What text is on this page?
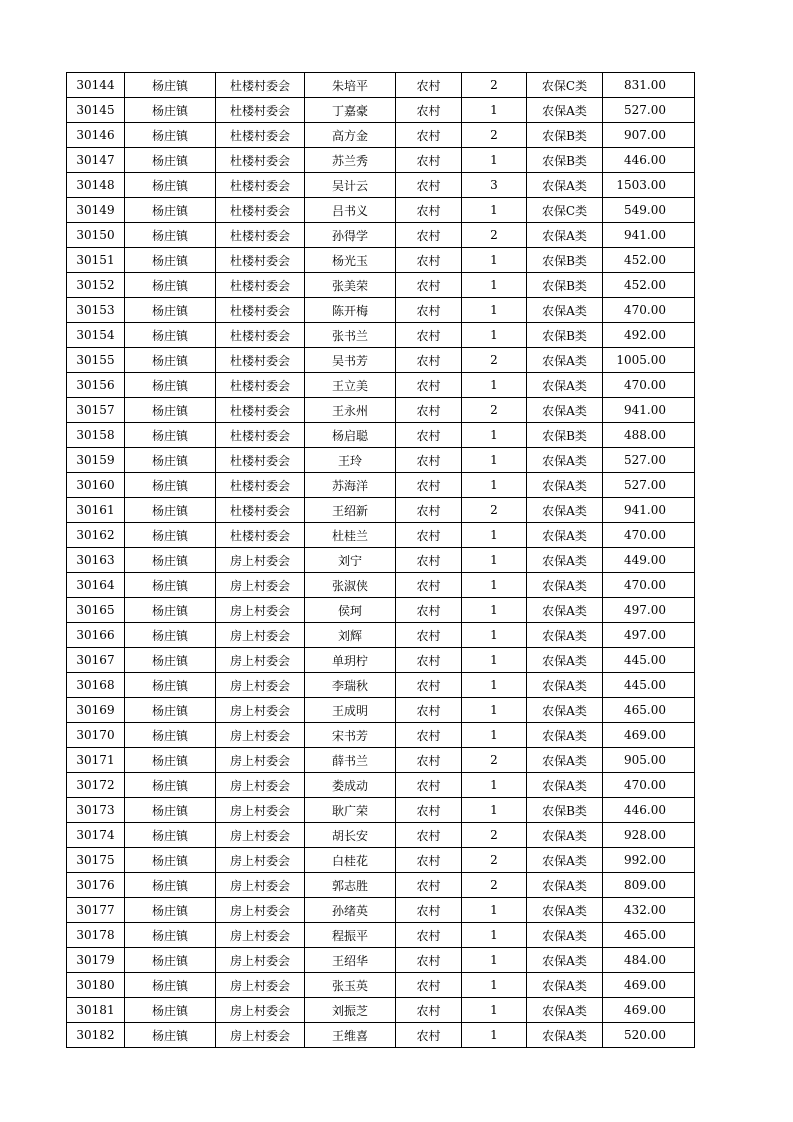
30144	杨庄镇	杜楼村委会	朱培平	农村	2	农保C类	831.00
30145	杨庄镇	杜楼村委会	丁嘉豪	农村	1	农保A类	527.00
30146	杨庄镇	杜楼村委会	高方金	农村	2	农保B类	907.00
30147	杨庄镇	杜楼村委会	苏兰秀	农村	1	农保B类	446.00
30148	杨庄镇	杜楼村委会	吴计云	农村	3	农保A类	1503.00
30149	杨庄镇	杜楼村委会	吕书义	农村	1	农保C类	549.00
30150	杨庄镇	杜楼村委会	孙得学	农村	2	农保A类	941.00
30151	杨庄镇	杜楼村委会	杨光玉	农村	1	农保B类	452.00
30152	杨庄镇	杜楼村委会	张美荣	农村	1	农保B类	452.00
30153	杨庄镇	杜楼村委会	陈开梅	农村	1	农保A类	470.00
30154	杨庄镇	杜楼村委会	张书兰	农村	1	农保B类	492.00
30155	杨庄镇	杜楼村委会	吴书芳	农村	2	农保A类	1005.00
30156	杨庄镇	杜楼村委会	王立美	农村	1	农保A类	470.00
30157	杨庄镇	杜楼村委会	王永州	农村	2	农保A类	941.00
30158	杨庄镇	杜楼村委会	杨启聪	农村	1	农保B类	488.00
30159	杨庄镇	杜楼村委会	王玲	农村	1	农保A类	527.00
30160	杨庄镇	杜楼村委会	苏海洋	农村	1	农保A类	527.00
30161	杨庄镇	杜楼村委会	王绍新	农村	2	农保A类	941.00
30162	杨庄镇	杜楼村委会	杜桂兰	农村	1	农保A类	470.00
30163	杨庄镇	房上村委会	刘宁	农村	1	农保A类	449.00
30164	杨庄镇	房上村委会	张淑侠	农村	1	农保A类	470.00
30165	杨庄镇	房上村委会	侯珂	农村	1	农保A类	497.00
30166	杨庄镇	房上村委会	刘辉	农村	1	农保A类	497.00
30167	杨庄镇	房上村委会	单玥柠	农村	1	农保A类	445.00
30168	杨庄镇	房上村委会	李瑞秋	农村	1	农保A类	445.00
30169	杨庄镇	房上村委会	王成明	农村	1	农保A类	465.00
30170	杨庄镇	房上村委会	宋书芳	农村	1	农保A类	469.00
30171	杨庄镇	房上村委会	薛书兰	农村	2	农保A类	905.00
30172	杨庄镇	房上村委会	娄成动	农村	1	农保A类	470.00
30173	杨庄镇	房上村委会	耿广荣	农村	1	农保B类	446.00
30174	杨庄镇	房上村委会	胡长安	农村	2	农保A类	928.00
30175	杨庄镇	房上村委会	白桂花	农村	2	农保A类	992.00
30176	杨庄镇	房上村委会	郭志胜	农村	2	农保A类	809.00
30177	杨庄镇	房上村委会	孙绪英	农村	1	农保A类	432.00
30178	杨庄镇	房上村委会	程振平	农村	1	农保A类	465.00
30179	杨庄镇	房上村委会	王绍华	农村	1	农保A类	484.00
30180	杨庄镇	房上村委会	张玉英	农村	1	农保A类	469.00
30181	杨庄镇	房上村委会	刘振芝	农村	1	农保A类	469.00
30182	杨庄镇	房上村委会	王维喜	农村	1	农保A类	520.00
